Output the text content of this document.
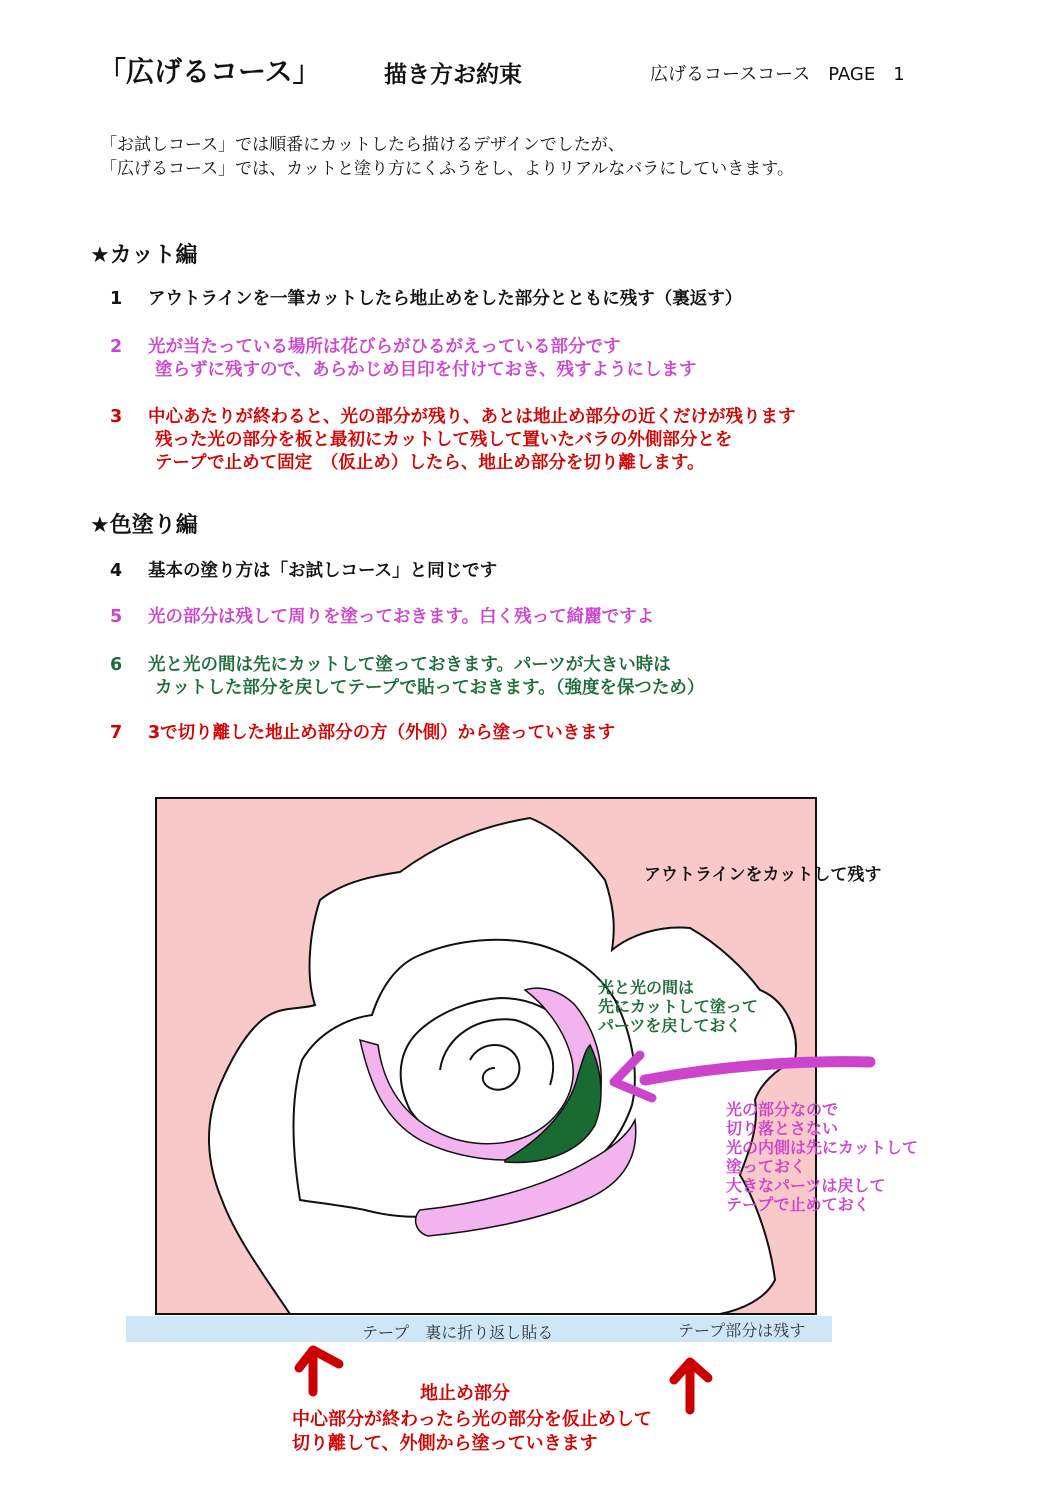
「広げるコース」	描き方お約束	広げるコースコース　PAGE　1
「お試しコース」では順番にカットしたら描けるデザインでしたが、
「広げるコース」では、カットと塗り方にくふうをし、よりリアルなバラにしていきます。
★カット編
1 アウトラインを一筆カットしたら地止めをした部分とともに残す（裏返す）
2 光が当たっている場所は花びらがひるがえっている部分です
塗らずに残すので、あらかじめ目印を付けておき、残すようにします
3 中心あたりが終わると、光の部分が残り、あとは地止め部分の近くだけが残ります
残った光の部分を板と最初にカットして残して置いたバラの外側部分とを
テープで止めて固定　（仮止め）したら、地止め部分を切り離します。
★色塗り編
4 基本の塗り方は「お試しコース」と同じです
5 光の部分は残して周りを塗っておきます。白く残って綺麗ですよ
6 光と光の間は先にカットして塗っておきます。パーツが大きい時は
カットした部分を戻してテープで貼っておきます。（強度を保つため）
7 3で切り離した地止め部分の方（外側）から塗っていきます
テープ　裏に折り返し貼る	テープ部分は残す
アウトラインをカットして残す
光と光の間は
先にカットして塗って
パーツを戻しておく
光の部分なので
切り落とさない
光の内側は先にカットして
塗っておく
大きなパーツは戻して
テープで止めておく
地止め部分
中心部分が終わったら光の部分を仮止めして
切り離して、外側から塗っていきます
